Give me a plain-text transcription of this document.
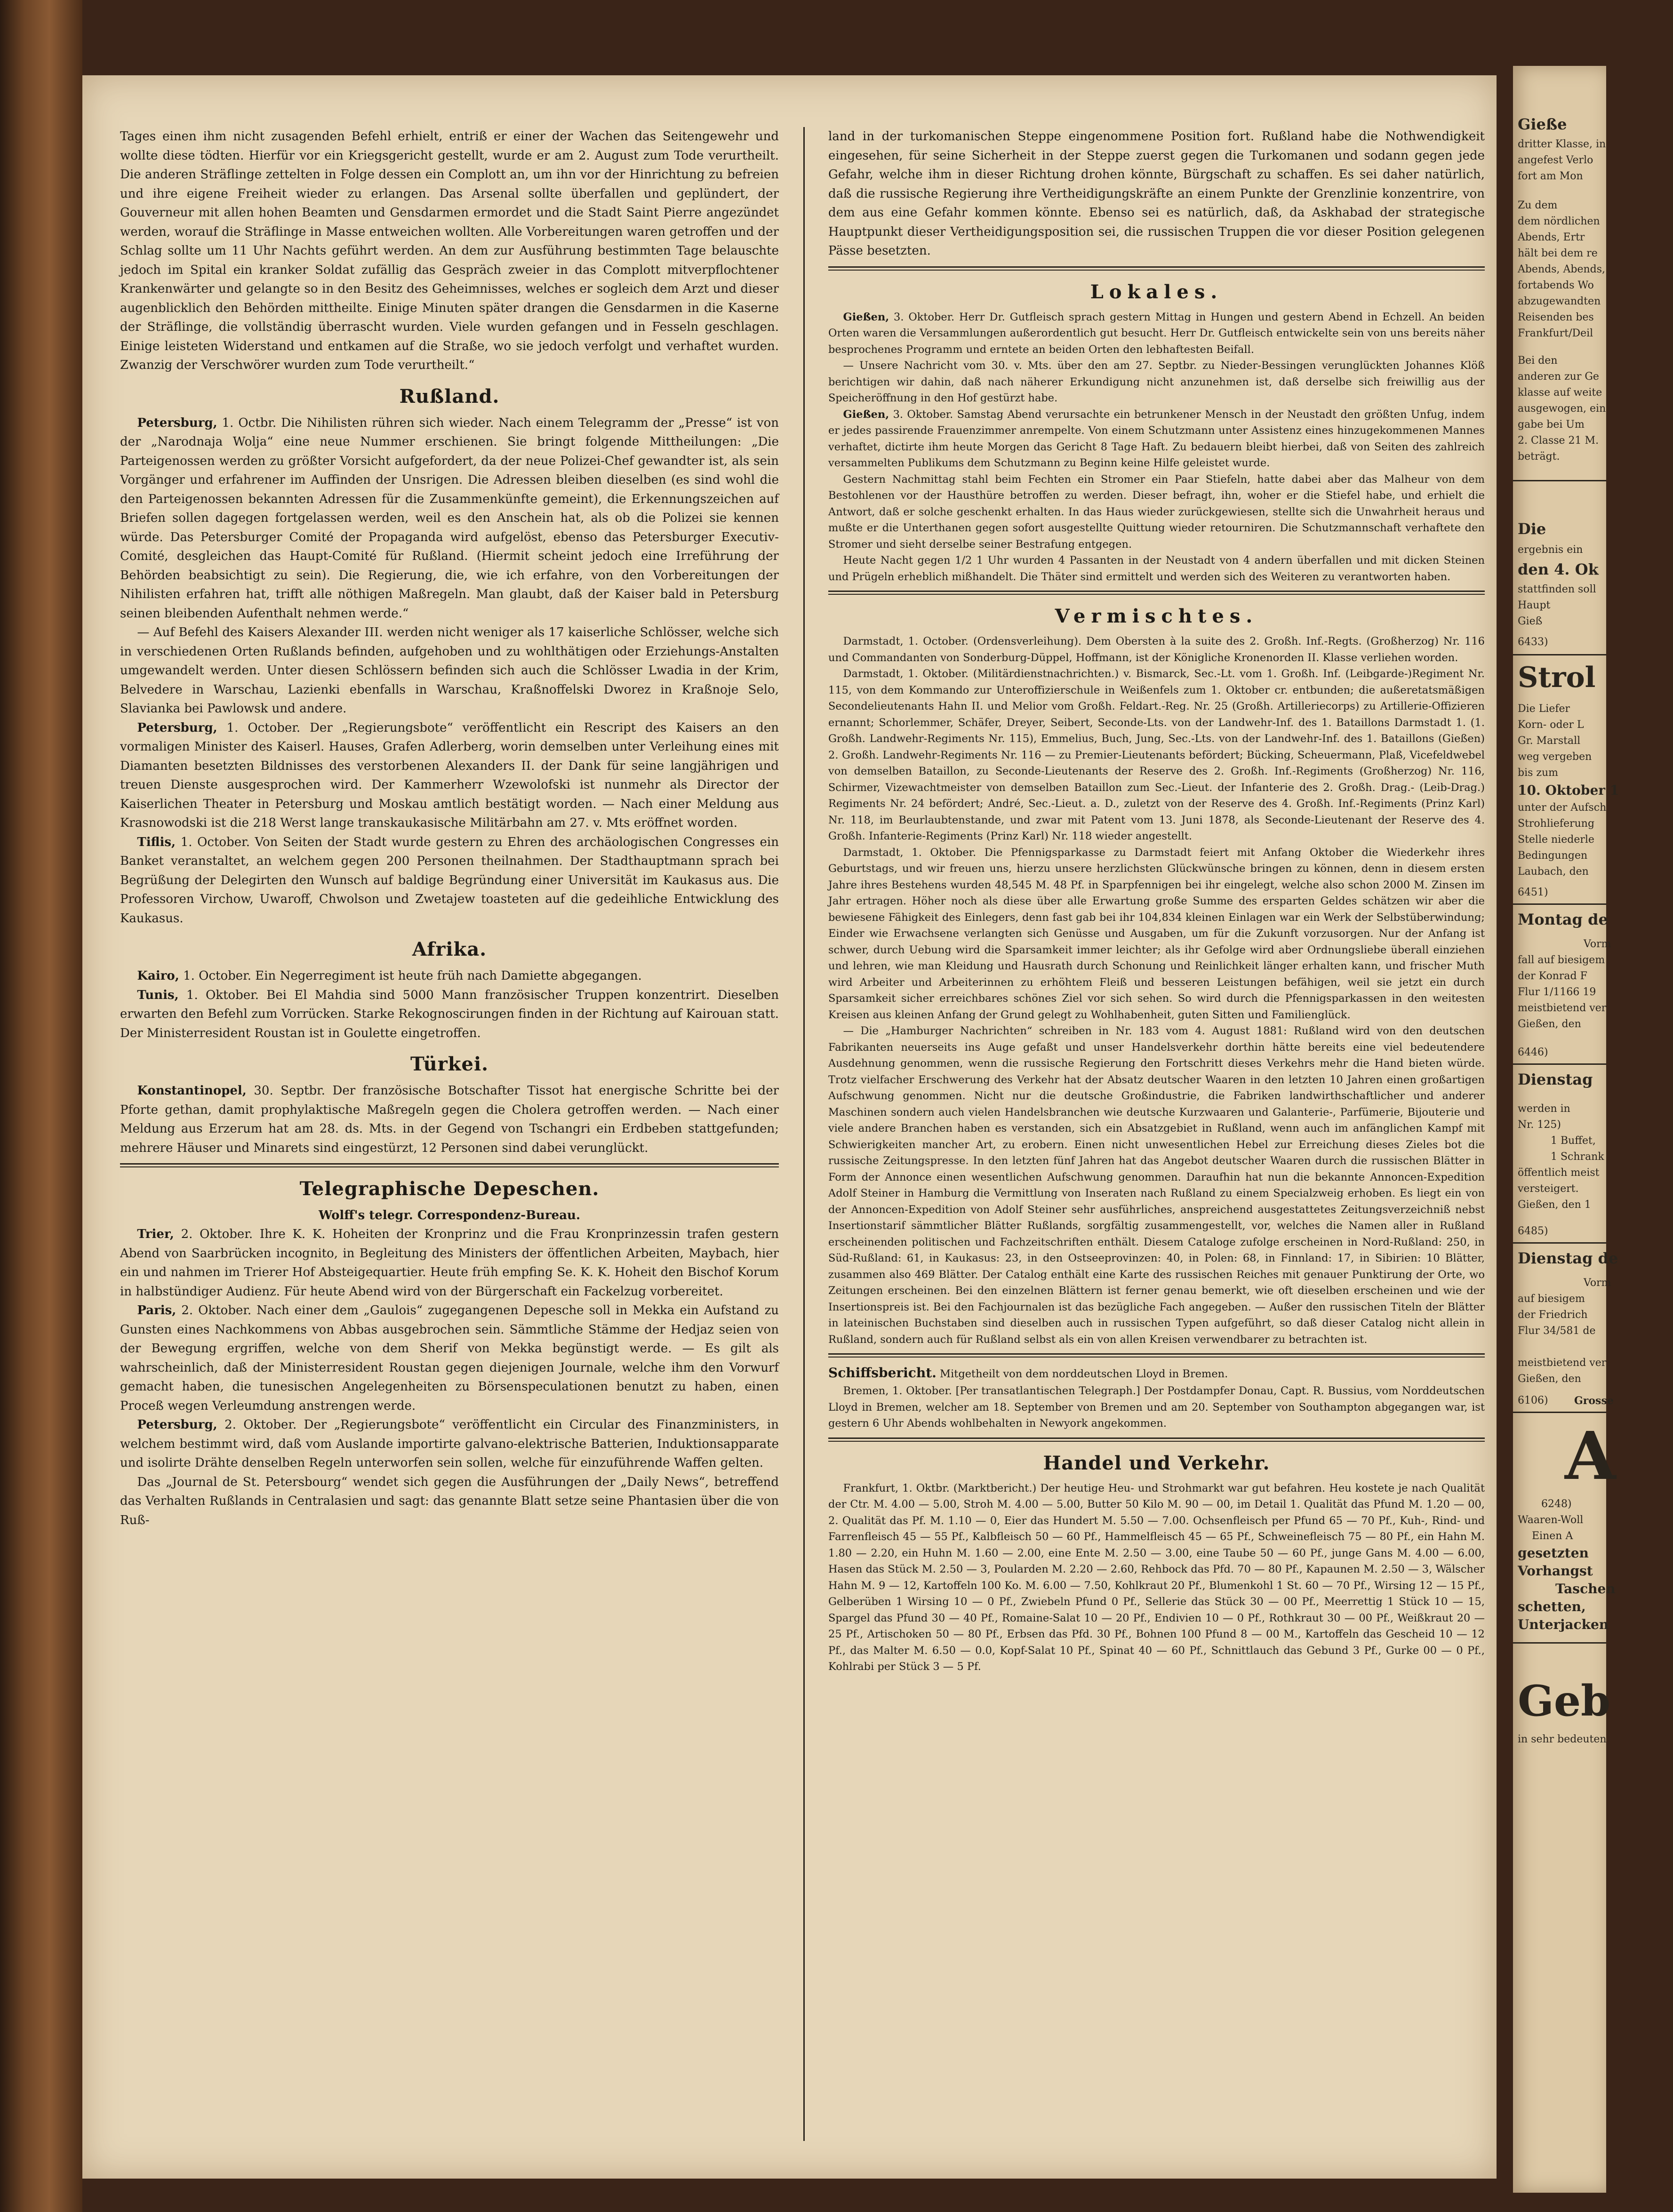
Tages einen ihm nicht zusagenden Befehl erhielt, entriß er einer der Wachen das Seitengewehr und wollte diese tödten. Hierfür vor ein Kriegsgericht gestellt, wurde er am 2. August zum Tode verurtheilt. Die anderen Sträflinge zettelten in Folge dessen ein Complott an, um ihn vor der Hinrichtung zu befreien und ihre eigene Freiheit wieder zu erlangen. Das Arsenal sollte überfallen und geplündert, der Gouverneur mit allen hohen Beamten und Gensdarmen ermordet und die Stadt Saint Pierre angezündet werden, worauf die Sträflinge in Masse entweichen wollten. Alle Vorbereitungen waren getroffen und der Schlag sollte um 11 Uhr Nachts geführt werden. An dem zur Ausführung bestimmten Tage belauschte jedoch im Spital ein kranker Soldat zufällig das Gespräch zweier in das Complott mitverpflochtener Krankenwärter und gelangte so in den Besitz des Geheimnisses, welches er sogleich dem Arzt und dieser augenblicklich den Behörden mittheilte. Einige Minuten später drangen die Gensdarmen in die Kaserne der Sträflinge, die vollständig überrascht wurden. Viele wurden gefangen und in Fesseln geschlagen. Einige leisteten Widerstand und entkamen auf die Straße, wo sie jedoch verfolgt und verhaftet wurden. Zwanzig der Verschwörer wurden zum Tode verurtheilt.“

Rußland.

Petersburg, 1. Octbr. Die Nihilisten rühren sich wieder. Nach einem Telegramm der „Presse“ ist von der „Narodnaja Wolja“ eine neue Nummer erschienen. Sie bringt folgende Mittheilungen: „Die Parteigenossen werden zu größter Vorsicht aufgefordert, da der neue Polizei-Chef gewandter ist, als sein Vorgänger und erfahrener im Auffinden der Unsrigen. Die Adressen bleiben dieselben (es sind wohl die den Parteigenossen bekannten Adressen für die Zusammenkünfte gemeint), die Erkennungszeichen auf Briefen sollen dagegen fortgelassen werden, weil es den Anschein hat, als ob die Polizei sie kennen würde. Das Petersburger Comité der Propaganda wird aufgelöst, ebenso das Petersburger Executiv-Comité, desgleichen das Haupt-Comité für Rußland. (Hiermit scheint jedoch eine Irreführung der Behörden beabsichtigt zu sein). Die Regierung, die, wie ich erfahre, von den Vorbereitungen der Nihilisten erfahren hat, trifft alle nöthigen Maßregeln. Man glaubt, daß der Kaiser bald in Petersburg seinen bleibenden Aufenthalt nehmen werde.“

— Auf Befehl des Kaisers Alexander III. werden nicht weniger als 17 kaiserliche Schlösser, welche sich in verschiedenen Orten Rußlands befinden, aufgehoben und zu wohlthätigen oder Erziehungs-Anstalten umgewandelt werden. Unter diesen Schlössern befinden sich auch die Schlösser Lwadia in der Krim, Belvedere in Warschau, Lazienki ebenfalls in Warschau, Kraßnoffelski Dworez in Kraßnoje Selo, Slavianka bei Pawlowsk und andere.

Petersburg, 1. October. Der „Regierungsbote“ veröffentlicht ein Rescript des Kaisers an den vormaligen Minister des Kaiserl. Hauses, Grafen Adlerberg, worin demselben unter Verleihung eines mit Diamanten besetzten Bildnisses des verstorbenen Alexanders II. der Dank für seine langjährigen und treuen Dienste ausgesprochen wird. Der Kammerherr Wzewolofski ist nunmehr als Director der Kaiserlichen Theater in Petersburg und Moskau amtlich bestätigt worden. — Nach einer Meldung aus Krasnowodski ist die 218 Werst lange transkaukasische Militärbahn am 27. v. Mts eröffnet worden.

Tiflis, 1. October. Von Seiten der Stadt wurde gestern zu Ehren des archäologischen Congresses ein Banket veranstaltet, an welchem gegen 200 Personen theilnahmen. Der Stadthauptmann sprach bei Begrüßung der Delegirten den Wunsch auf baldige Begründung einer Universität im Kaukasus aus. Die Professoren Virchow, Uwaroff, Chwolson und Zwetajew toasteten auf die gedeihliche Entwicklung des Kaukasus.

Afrika.

Kairo, 1. October. Ein Negerregiment ist heute früh nach Damiette abgegangen.

Tunis, 1. Oktober. Bei El Mahdia sind 5000 Mann französischer Truppen konzentrirt. Dieselben erwarten den Befehl zum Vorrücken. Starke Rekognoscirungen finden in der Richtung auf Kairouan statt. Der Ministerresident Roustan ist in Goulette eingetroffen.

Türkei.

Konstantinopel, 30. Septbr. Der französische Botschafter Tissot hat energische Schritte bei der Pforte gethan, damit prophylaktische Maßregeln gegen die Cholera getroffen werden. — Nach einer Meldung aus Erzerum hat am 28. ds. Mts. in der Gegend von Tschangri ein Erdbeben stattgefunden; mehrere Häuser und Minarets sind eingestürzt, 12 Personen sind dabei verunglückt.

Telegraphische Depeschen.
Wolff's telegr. Correspondenz-Bureau.

Trier, 2. Oktober. Ihre K. K. Hoheiten der Kronprinz und die Frau Kronprinzessin trafen gestern Abend von Saarbrücken incognito, in Begleitung des Ministers der öffentlichen Arbeiten, Maybach, hier ein und nahmen im Trierer Hof Absteigequartier. Heute früh empfing Se. K. K. Hoheit den Bischof Korum in halbstündiger Audienz. Für heute Abend wird von der Bürgerschaft ein Fackelzug vorbereitet.

Paris, 2. Oktober. Nach einer dem „Gaulois“ zugegangenen Depesche soll in Mekka ein Aufstand zu Gunsten eines Nachkommens von Abbas ausgebrochen sein. Sämmtliche Stämme der Hedjaz seien von der Bewegung ergriffen, welche von dem Sherif von Mekka begünstigt werde. — Es gilt als wahrscheinlich, daß der Ministerresident Roustan gegen diejenigen Journale, welche ihm den Vorwurf gemacht haben, die tunesischen Angelegenheiten zu Börsenspeculationen benutzt zu haben, einen Proceß wegen Verleumdung anstrengen werde.

Petersburg, 2. Oktober. Der „Regierungsbote“ veröffentlicht ein Circular des Finanzministers, in welchem bestimmt wird, daß vom Auslande importirte galvano-elektrische Batterien, Induktionsapparate und isolirte Drähte denselben Regeln unterworfen sein sollen, welche für einzuführende Waffen gelten.

Das „Journal de St. Petersbourg“ wendet sich gegen die Ausführungen der „Daily News“, betreffend das Verhalten Rußlands in Centralasien und sagt: das genannte Blatt setze seine Phantasien über die von Ruß-

land in der turkomanischen Steppe eingenommene Position fort. Rußland habe die Nothwendigkeit eingesehen, für seine Sicherheit in der Steppe zuerst gegen die Turkomanen und sodann gegen jede Gefahr, welche ihm in dieser Richtung drohen könnte, Bürgschaft zu schaffen. Es sei daher natürlich, daß die russische Regierung ihre Vertheidigungskräfte an einem Punkte der Grenzlinie konzentrire, von dem aus eine Gefahr kommen könnte. Ebenso sei es natürlich, daß, da Askhabad der strategische Hauptpunkt dieser Vertheidigungsposition sei, die russischen Truppen die vor dieser Position gelegenen Pässe besetzten.

Lokales.

Gießen, 3. Oktober. Herr Dr. Gutfleisch sprach gestern Mittag in Hungen und gestern Abend in Echzell. An beiden Orten waren die Versammlungen außerordentlich gut besucht. Herr Dr. Gutfleisch entwickelte sein von uns bereits näher besprochenes Programm und erntete an beiden Orten den lebhaftesten Beifall.

— Unsere Nachricht vom 30. v. Mts. über den am 27. Septbr. zu Nieder-Bessingen verunglückten Johannes Klöß berichtigen wir dahin, daß nach näherer Erkundigung nicht anzunehmen ist, daß derselbe sich freiwillig aus der Speicheröffnung in den Hof gestürzt habe.

Gießen, 3. Oktober. Samstag Abend verursachte ein betrunkener Mensch in der Neustadt den größten Unfug, indem er jedes passirende Frauenzimmer anrempelte. Von einem Schutzmann unter Assistenz eines hinzugekommenen Mannes verhaftet, dictirte ihm heute Morgen das Gericht 8 Tage Haft. Zu bedauern bleibt hierbei, daß von Seiten des zahlreich versammelten Publikums dem Schutzmann zu Beginn keine Hilfe geleistet wurde.

Gestern Nachmittag stahl beim Fechten ein Stromer ein Paar Stiefeln, hatte dabei aber das Malheur von dem Bestohlenen vor der Hausthüre betroffen zu werden. Dieser befragt, ihn, woher er die Stiefel habe, und erhielt die Antwort, daß er solche geschenkt erhalten. In das Haus wieder zurückgewiesen, stellte sich die Unwahrheit heraus und mußte er die Unterthanen gegen sofort ausgestellte Quittung wieder retourniren. Die Schutzmannschaft verhaftete den Stromer und sieht derselbe seiner Bestrafung entgegen.

Heute Nacht gegen 1/2 1 Uhr wurden 4 Passanten in der Neustadt von 4 andern überfallen und mit dicken Steinen und Prügeln erheblich mißhandelt. Die Thäter sind ermittelt und werden sich des Weiteren zu verantworten haben.

Vermischtes.

Darmstadt, 1. October. (Ordensverleihung). Dem Obersten à la suite des 2. Großh. Inf.-Regts. (Großherzog) Nr. 116 und Commandanten von Sonderburg-Düppel, Hoffmann, ist der Königliche Kronenorden II. Klasse verliehen worden.

Darmstadt, 1. Oktober. (Militärdienstnachrichten.) v. Bismarck, Sec.-Lt. vom 1. Großh. Inf. (Leibgarde-)Regiment Nr. 115, von dem Kommando zur Unteroffizierschule in Weißenfels zum 1. Oktober cr. entbunden; die außeretatsmäßigen Secondelieutenants Hahn II. und Melior vom Großh. Feldart.-Reg. Nr. 25 (Großh. Artilleriecorps) zu Artillerie-Offizieren ernannt; Schorlemmer, Schäfer, Dreyer, Seibert, Seconde-Lts. von der Landwehr-Inf. des 1. Bataillons Darmstadt 1. (1. Großh. Landwehr-Regiments Nr. 115), Emmelius, Buch, Jung, Sec.-Lts. von der Landwehr-Inf. des 1. Bataillons (Gießen) 2. Großh. Landwehr-Regiments Nr. 116 — zu Premier-Lieutenants befördert; Bücking, Scheuermann, Plaß, Vicefeldwebel von demselben Bataillon, zu Seconde-Lieutenants der Reserve des 2. Großh. Inf.-Regiments (Großherzog) Nr. 116, Schirmer, Vizewachtmeister von demselben Bataillon zum Sec.-Lieut. der Infanterie des 2. Großh. Drag.- (Leib-Drag.) Regiments Nr. 24 befördert; André, Sec.-Lieut. a. D., zuletzt von der Reserve des 4. Großh. Inf.-Regiments (Prinz Karl) Nr. 118, im Beurlaubtenstande, und zwar mit Patent vom 13. Juni 1878, als Seconde-Lieutenant der Reserve des 4. Großh. Infanterie-Regiments (Prinz Karl) Nr. 118 wieder angestellt.

Darmstadt, 1. Oktober. Die Pfennigsparkasse zu Darmstadt feiert mit Anfang Oktober die Wiederkehr ihres Geburtstags, und wir freuen uns, hierzu unsere herzlichsten Glückwünsche bringen zu können, denn in diesem ersten Jahre ihres Bestehens wurden 48,545 M. 48 Pf. in Sparpfennigen bei ihr eingelegt, welche also schon 2000 M. Zinsen im Jahr ertragen. Höher noch als diese über alle Erwartung große Summe des ersparten Geldes schätzen wir aber die bewiesene Fähigkeit des Einlegers, denn fast gab bei ihr 104,834 kleinen Einlagen war ein Werk der Selbstüberwindung; Einder wie Erwachsene verlangten sich Genüsse und Ausgaben, um für die Zukunft vorzusorgen. Nur der Anfang ist schwer, durch Uebung wird die Sparsamkeit immer leichter; als ihr Gefolge wird aber Ordnungsliebe überall einziehen und lehren, wie man Kleidung und Hausrath durch Schonung und Reinlichkeit länger erhalten kann, und frischer Muth wird Arbeiter und Arbeiterinnen zu erhöhtem Fleiß und besseren Leistungen befähigen, weil sie jetzt ein durch Sparsamkeit sicher erreichbares schönes Ziel vor sich sehen. So wird durch die Pfennigsparkassen in den weitesten Kreisen aus kleinen Anfang der Grund gelegt zu Wohlhabenheit, guten Sitten und Familienglück.

— Die „Hamburger Nachrichten“ schreiben in Nr. 183 vom 4. August 1881: Rußland wird von den deutschen Fabrikanten neuerseits ins Auge gefaßt und unser Handelsverkehr dorthin hätte bereits eine viel bedeutendere Ausdehnung genommen, wenn die russische Regierung den Fortschritt dieses Verkehrs mehr die Hand bieten würde. Trotz vielfacher Erschwerung des Verkehr hat der Absatz deutscher Waaren in den letzten 10 Jahren einen großartigen Aufschwung genommen. Nicht nur die deutsche Großindustrie, die Fabriken landwirthschaftlicher und anderer Maschinen sondern auch vielen Handelsbranchen wie deutsche Kurzwaaren und Galanterie-, Parfümerie, Bijouterie und viele andere Branchen haben es verstanden, sich ein Absatzgebiet in Rußland, wenn auch im anfänglichen Kampf mit Schwierigkeiten mancher Art, zu erobern. Einen nicht unwesentlichen Hebel zur Erreichung dieses Zieles bot die russische Zeitungspresse. In den letzten fünf Jahren hat das Angebot deutscher Waaren durch die russischen Blätter in Form der Annonce einen wesentlichen Aufschwung genommen. Daraufhin hat nun die bekannte Annoncen-Expedition Adolf Steiner in Hamburg die Vermittlung von Inseraten nach Rußland zu einem Specialzweig erhoben. Es liegt ein von der Annoncen-Expedition von Adolf Steiner sehr ausführliches, anspreichend ausgestattetes Zeitungsverzeichniß nebst Insertionstarif sämmtlicher Blätter Rußlands, sorgfältig zusammengestellt, vor, welches die Namen aller in Rußland erscheinenden politischen und Fachzeitschriften enthält. Diesem Cataloge zufolge erscheinen in Nord-Rußland: 250, in Süd-Rußland: 61, in Kaukasus: 23, in den Ostseeprovinzen: 40, in Polen: 68, in Finnland: 17, in Sibirien: 10 Blätter, zusammen also 469 Blätter. Der Catalog enthält eine Karte des russischen Reiches mit genauer Punktirung der Orte, wo Zeitungen erscheinen. Bei den einzelnen Blättern ist ferner genau bemerkt, wie oft dieselben erscheinen und wie der Insertionspreis ist. Bei den Fachjournalen ist das bezügliche Fach angegeben. — Außer den russischen Titeln der Blätter in lateinischen Buchstaben sind dieselben auch in russischen Typen aufgeführt, so daß dieser Catalog nicht allein in Rußland, sondern auch für Rußland selbst als ein von allen Kreisen verwendbarer zu betrachten ist.

Schiffsbericht. Mitgetheilt von dem norddeutschen Lloyd in Bremen.

Bremen, 1. Oktober. [Per transatlantischen Telegraph.] Der Postdampfer Donau, Capt. R. Bussius, vom Norddeutschen Lloyd in Bremen, welcher am 18. September von Bremen und am 20. September von Southampton abgegangen war, ist gestern 6 Uhr Abends wohlbehalten in Newyork angekommen.

Handel und Verkehr.

Frankfurt, 1. Oktbr. (Marktbericht.) Der heutige Heu- und Strohmarkt war gut befahren. Heu kostete je nach Qualität der Ctr. M. 4.00 — 5.00, Stroh M. 4.00 — 5.00, Butter 50 Kilo M. 90 — 00, im Detail 1. Qualität das Pfund M. 1.20 — 00, 2. Qualität das Pf. M. 1.10 — 0, Eier das Hundert M. 5.50 — 7.00. Ochsenfleisch per Pfund 65 — 70 Pf., Kuh-, Rind- und Farrenfleisch 45 — 55 Pf., Kalbfleisch 50 — 60 Pf., Hammelfleisch 45 — 65 Pf., Schweinefleisch 75 — 80 Pf., ein Hahn M. 1.80 — 2.20, ein Huhn M. 1.60 — 2.00, eine Ente M. 2.50 — 3.00, eine Taube 50 — 60 Pf., junge Gans M. 4.00 — 6.00, Hasen das Stück M. 2.50 — 3, Poularden M. 2.20 — 2.60, Rehbock das Pfd. 70 — 80 Pf., Kapaunen M. 2.50 — 3, Wälscher Hahn M. 9 — 12, Kartoffeln 100 Ko. M. 6.00 — 7.50, Kohlkraut 20 Pf., Blumenkohl 1 St. 60 — 70 Pf., Wirsing 12 — 15 Pf., Gelberüben 1 Wirsing 10 — 0 Pf., Zwiebeln Pfund 0 Pf., Sellerie das Stück 30 — 00 Pf., Meerrettig 1 Stück 10 — 15, Spargel das Pfund 30 — 40 Pf., Romaine-Salat 10 — 20 Pf., Endivien 10 — 0 Pf., Rothkraut 30 — 00 Pf., Weißkraut 20 — 25 Pf., Artischoken 50 — 80 Pf., Erbsen das Pfd. 30 Pf., Bohnen 100 Pfund 8 — 00 M., Kartoffeln das Gescheid 10 — 12 Pf., das Malter M. 6.50 — 0.0, Kopf-Salat 10 Pf., Spinat 40 — 60 Pf., Schnittlauch das Gebund 3 Pf., Gurke 00 — 0 Pf., Kohlrabi per Stück 3 — 5 Pf.

Gieße
dritter Klasse, in
angefest Verlo
fort am Mon
Zu dem
dem nördlichen
Abends, Ertr
hält bei dem re
Abends, Abends,
fortabends Wo
abzugewandten
Reisenden bes
Frankfurt/Deil
Bei den
anderen zur Ge
klasse auf weite
ausgewogen, ein
gabe bei Um
2. Classe 21 M.
beträgt.
Die
ergebnis ein
den 4. Ok
stattfinden soll
Haupt
Gieß
6433)
Strol
Die Liefer
Korn- oder L
Gr. Marstall
weg vergeben
bis zum
10. Oktober 1
unter der Aufsch
Strohlieferung
Stelle niederle
Bedingungen
Laubach, den
6451)
Montag de
Vorm
fall auf biesigem
der Konrad F
Flur 1/1166 19
meistbietend ver
Gießen, den
6446)
Dienstag
werden in
Nr. 125)
1 Buffet,
1 Schrank
öffentlich meist
versteigert.
Gießen, den 1
6485)
Dienstag de
Vorm
auf biesigem
der Friedrich
Flur 34/581 de
meistbietend ver
Gießen, den
6106)	Grosse
A
6248)
Waaren-Woll
Einen A
gesetzten
Vorhangst
Taschen
schetten,
Unterjacken
Geb
in sehr bedeuten
